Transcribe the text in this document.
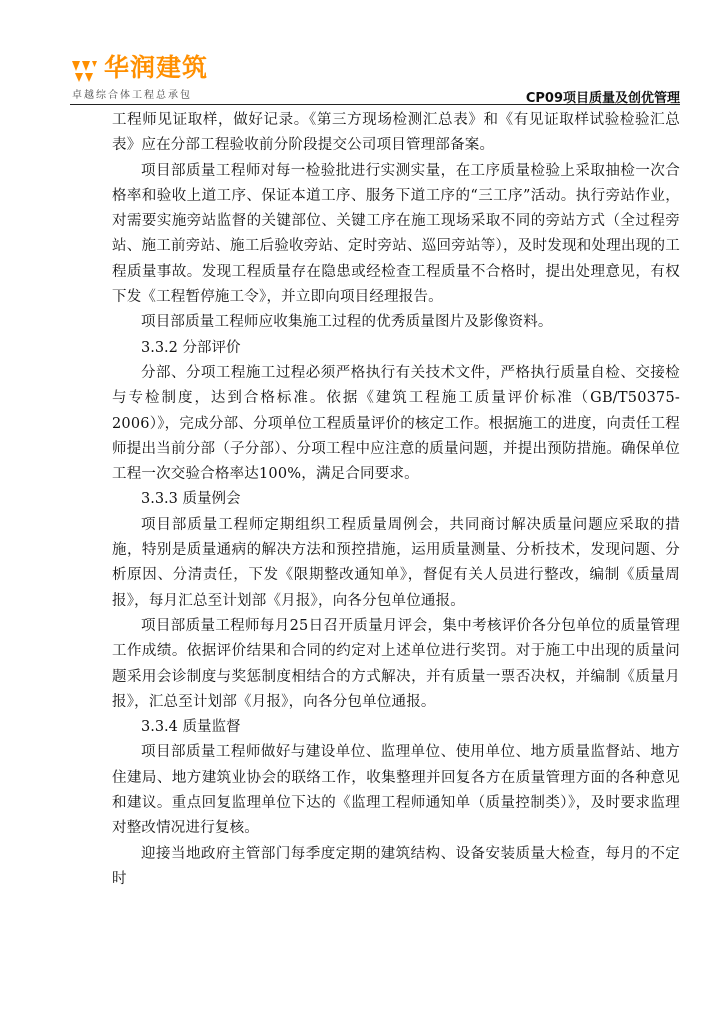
华润建筑
卓越综合体工程总承包	CP09项目质量及创优管理

工程师见证取样，做好记录。《第三方现场检测汇总表》和《有见证取样试验检验汇总表》应在分部工程验收前分阶段提交公司项目管理部备案。

项目部质量工程师对每一检验批进行实测实量，在工序质量检验上采取抽检一次合格率和验收上道工序、保证本道工序、服务下道工序的“三工序”活动。执行旁站作业，对需要实施旁站监督的关键部位、关键工序在施工现场采取不同的旁站方式（全过程旁站、施工前旁站、施工后验收旁站、定时旁站、巡回旁站等），及时发现和处理出现的工程质量事故。发现工程质量存在隐患或经检查工程质量不合格时，提出处理意见，有权下发《工程暂停施工令》，并立即向项目经理报告。

项目部质量工程师应收集施工过程的优秀质量图片及影像资料。

3.3.2 分部评价

分部、分项工程施工过程必须严格执行有关技术文件，严格执行质量自检、交接检与专检制度，达到合格标准。依据《建筑工程施工质量评价标准（GB/T50375-2006）》，完成分部、分项单位工程质量评价的核定工作。根据施工的进度，向责任工程师提出当前分部（子分部）、分项工程中应注意的质量问题，并提出预防措施。确保单位工程一次交验合格率达100%，满足合同要求。

3.3.3 质量例会

项目部质量工程师定期组织工程质量周例会，共同商讨解决质量问题应采取的措施，特别是质量通病的解决方法和预控措施，运用质量测量、分析技术，发现问题、分析原因、分清责任，下发《限期整改通知单》，督促有关人员进行整改，编制《质量周报》，每月汇总至计划部《月报》，向各分包单位通报。

项目部质量工程师每月25日召开质量月评会，集中考核评价各分包单位的质量管理工作成绩。依据评价结果和合同的约定对上述单位进行奖罚。对于施工中出现的质量问题采用会诊制度与奖惩制度相结合的方式解决，并有质量一票否决权，并编制《质量月报》，汇总至计划部《月报》，向各分包单位通报。

3.3.4 质量监督

项目部质量工程师做好与建设单位、监理单位、使用单位、地方质量监督站、地方住建局、地方建筑业协会的联络工作，收集整理并回复各方在质量管理方面的各种意见和建议。重点回复监理单位下达的《监理工程师通知单（质量控制类）》，及时要求监理对整改情况进行复核。

迎接当地政府主管部门每季度定期的建筑结构、设备安装质量大检查，每月的不定时
